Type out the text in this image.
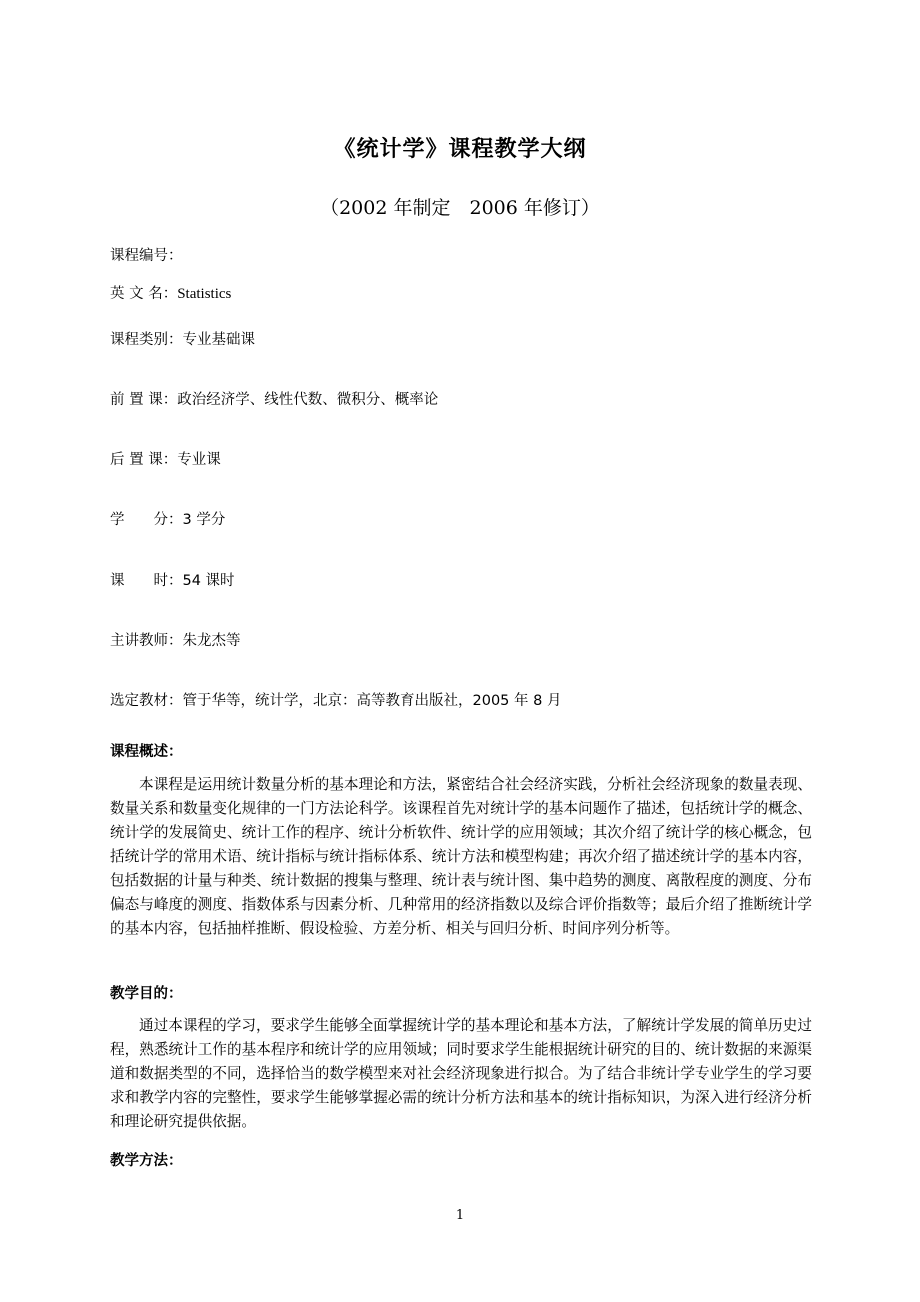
《统计学》课程教学大纲
（2002 年制定　2006 年修订）
课程编号：
英 文 名：Statistics
课程类别：专业基础课
前 置 课：政治经济学、线性代数、微积分、概率论
后 置 课：专业课
学　　分：3 学分
课　　时：54 课时
主讲教师：朱龙杰等
选定教材：管于华等，统计学，北京：高等教育出版社，2005 年 8 月
课程概述：
本课程是运用统计数量分析的基本理论和方法，紧密结合社会经济实践，分析社会经济现象的数量表现、数量关系和数量变化规律的一门方法论科学。该课程首先对统计学的基本问题作了描述，包括统计学的概念、统计学的发展简史、统计工作的程序、统计分析软件、统计学的应用领域；其次介绍了统计学的核心概念，包括统计学的常用术语、统计指标与统计指标体系、统计方法和模型构建；再次介绍了描述统计学的基本内容，包括数据的计量与种类、统计数据的搜集与整理、统计表与统计图、集中趋势的测度、离散程度的测度、分布偏态与峰度的测度、指数体系与因素分析、几种常用的经济指数以及综合评价指数等；最后介绍了推断统计学的基本内容，包括抽样推断、假设检验、方差分析、相关与回归分析、时间序列分析等。
教学目的：
通过本课程的学习，要求学生能够全面掌握统计学的基本理论和基本方法，了解统计学发展的简单历史过程，熟悉统计工作的基本程序和统计学的应用领域；同时要求学生能根据统计研究的目的、统计数据的来源渠道和数据类型的不同，选择恰当的数学模型来对社会经济现象进行拟合。为了结合非统计学专业学生的学习要求和教学内容的完整性，要求学生能够掌握必需的统计分析方法和基本的统计指标知识，为深入进行经济分析和理论研究提供依据。
教学方法：
1
